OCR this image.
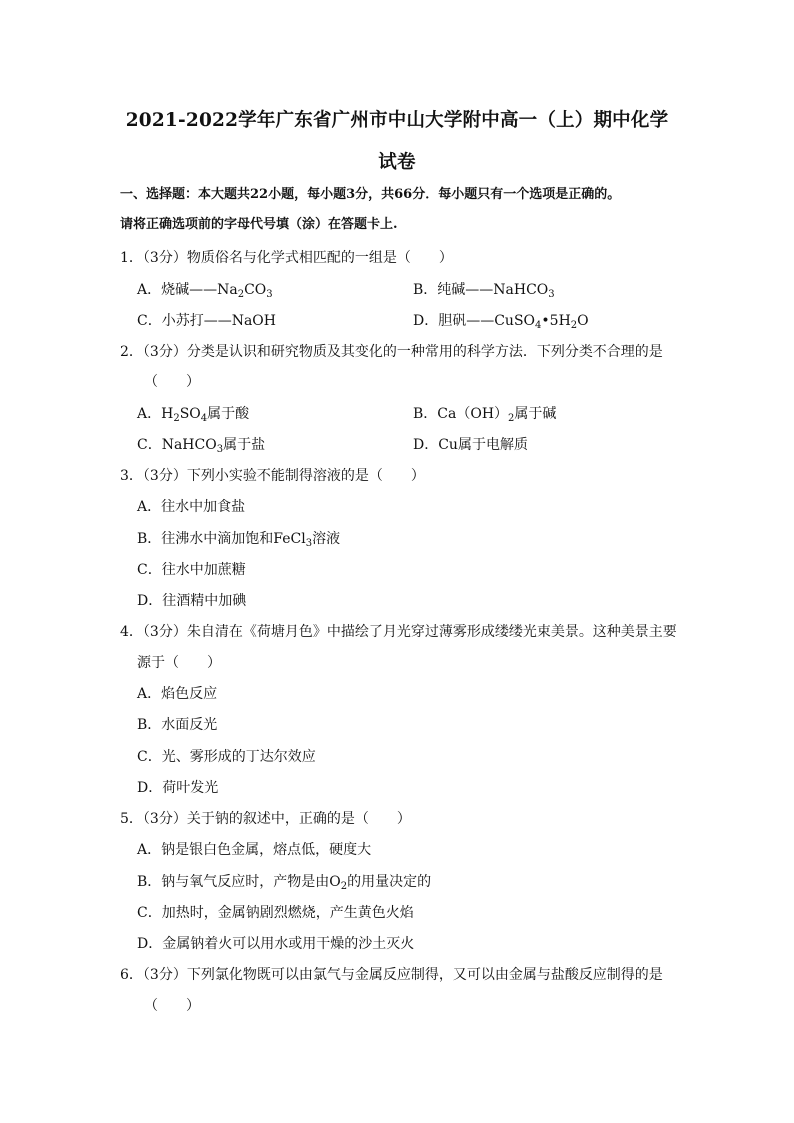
2021-2022学年广东省广州市中山大学附中高一（上）期中化学
试卷
一、选择题：本大题共22小题，每小题3分，共66分．每小题只有一个选项是正确的。
请将正确选项前的字母代号填（涂）在答题卡上.
1．（3分）物质俗名与化学式相匹配的一组是（　　）
A．烧碱$——Na_2CO_3$	B．纯碱——NaHCO$_3$
C．小苏打——NaOH	D．胆矾$——CuSO_4•5H_2O$
2．（3分）分类是认识和研究物质及其变化的一种常用的科学方法．下列分类不合理的是
（　　）
A．$H_2SO_4$属于酸	B．$Ca(OH)_2$属于碱
C．NaHCO$_3$属于盐	D．Cu属于电解质
3．（3分）下列小实验不能制得溶液的是（　　）
A．往水中加食盐
B．往沸水中滴加饱和FeCl$_3$溶液
C．往水中加蔗糖
D．往酒精中加碘
4．（3分）朱自清在《荷塘月色》中描绘了月光穿过薄雾形成缕缕光束美景。这种美景主要
源于（　　）
A．焰色反应
B．水面反光
C．光、雾形成的丁达尔效应
D．荷叶发光
5．（3分）关于钠的叙述中，正确的是（　　）
A．钠是银白色金属，熔点低，硬度大
B．钠与氧气反应时，产物是由$O_2$的用量决定的
C．加热时，金属钠剧烈燃烧，产生黄色火焰
D．金属钠着火可以用水或用干燥的沙土灭火
6．（3分）下列氯化物既可以由氯气与金属反应制得，又可以由金属与盐酸反应制得的是
（　　）
